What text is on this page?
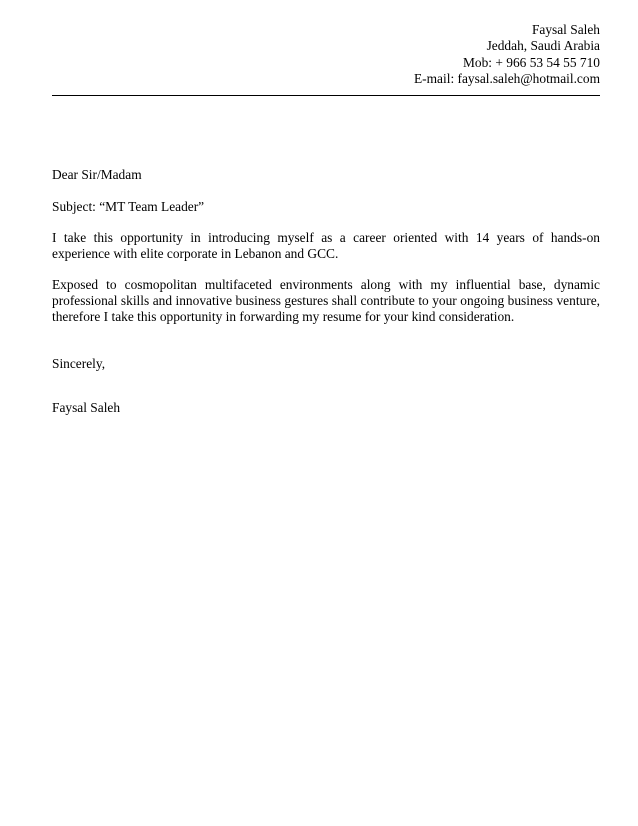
Faysal Saleh
Jeddah, Saudi Arabia
Mob: + 966 53 54 55 710
E-mail: faysal.saleh@hotmail.com

Dear Sir/Madam

Subject: “MT Team Leader”

I take this opportunity in introducing myself as a career oriented with 14 years of hands-on experience with elite corporate in Lebanon and GCC.

Exposed to cosmopolitan multifaceted environments along with my influential base, dynamic professional skills and innovative business gestures shall contribute to your ongoing business venture, therefore I take this opportunity in forwarding my resume for your kind consideration.

Sincerely,
Faysal Saleh
